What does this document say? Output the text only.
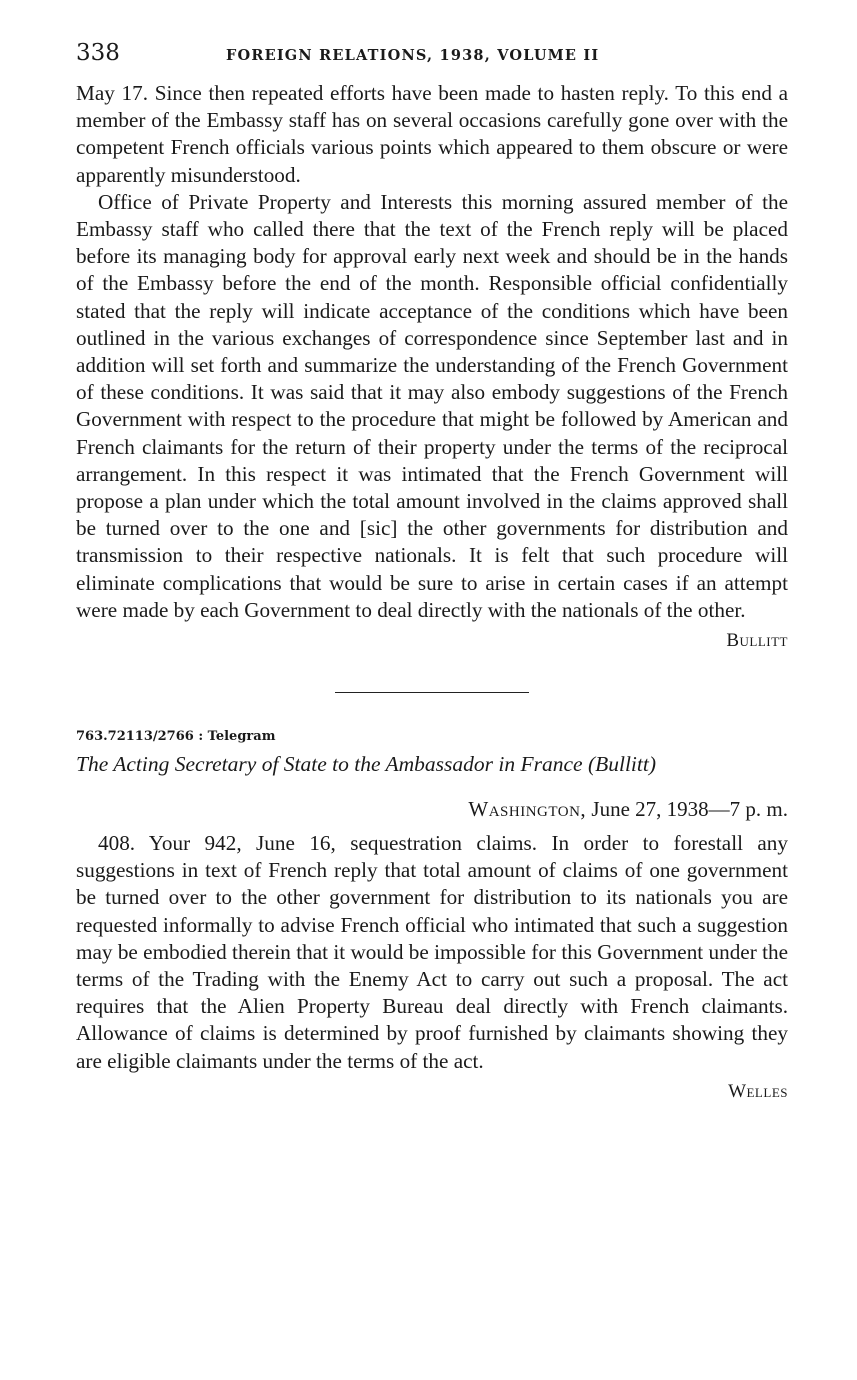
338	FOREIGN RELATIONS, 1938, VOLUME II

May 17. Since then repeated efforts have been made to hasten reply. To this end a member of the Embassy staff has on several occasions carefully gone over with the competent French officials various points which appeared to them obscure or were apparently misunderstood.

Office of Private Property and Interests this morning assured member of the Embassy staff who called there that the text of the French reply will be placed before its managing body for approval early next week and should be in the hands of the Embassy before the end of the month. Responsible official confidentially stated that the reply will indicate acceptance of the conditions which have been outlined in the various exchanges of correspondence since September last and in addition will set forth and summarize the understanding of the French Government of these conditions. It was said that it may also embody suggestions of the French Government with respect to the procedure that might be followed by American and French claimants for the return of their property under the terms of the reciprocal arrangement. In this respect it was intimated that the French Government will propose a plan under which the total amount involved in the claims approved shall be turned over to the one and [sic] the other governments for distribution and transmission to their respective nationals. It is felt that such procedure will eliminate complications that would be sure to arise in certain cases if an attempt were made by each Government to deal directly with the nationals of the other.

Bullitt
763.72113/2766 : Telegram
The Acting Secretary of State to the Ambassador in France (Bullitt)
Washington, June 27, 1938—7 p. m.

408. Your 942, June 16, sequestration claims. In order to forestall any suggestions in text of French reply that total amount of claims of one government be turned over to the other government for distribution to its nationals you are requested informally to advise French official who intimated that such a suggestion may be embodied therein that it would be impossible for this Government under the terms of the Trading with the Enemy Act to carry out such a proposal. The act requires that the Alien Property Bureau deal directly with French claimants. Allowance of claims is determined by proof furnished by claimants showing they are eligible claimants under the terms of the act.

Welles
